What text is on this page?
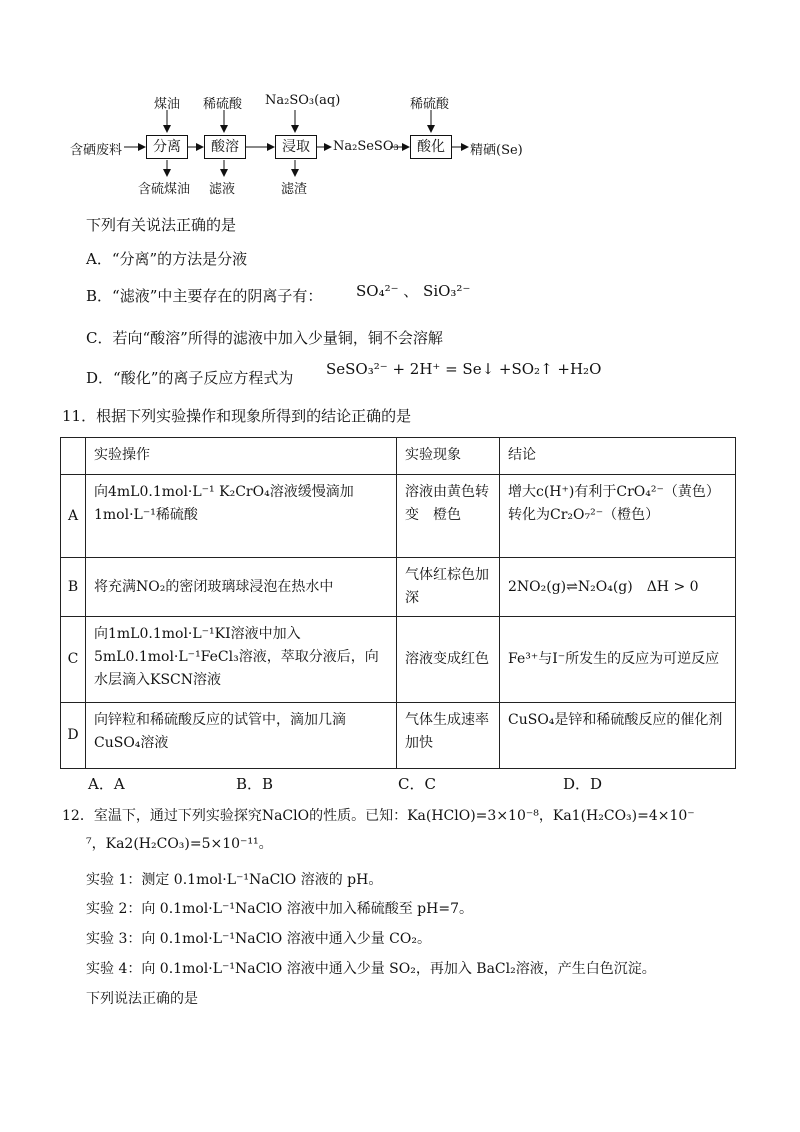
含硒废料
煤油
分离
含硫煤油
稀硫酸
酸溶
滤液
Na₂SO₃(aq)
浸取
滤渣
Na₂SeSO₃
稀硫酸
酸化	精硒(Se)
下列有关说法正确的是
A．“分离”的方法是分液
B．“滤液”中主要存在的阴离子有： SO₄²⁻ 、 SiO₃²⁻
C．若向“酸溶”所得的滤液中加入少量铜，铜不会溶解
D．“酸化”的离子反应方程式为 SeSO₃²⁻ + 2H⁺ = Se↓ +SO₂↑ +H₂O
11．根据下列实验操作和现象所得到的结论正确的是
	实验操作	实验现象	结论
A	向4mL0.1mol·L⁻¹ K₂CrO₄溶液缓慢滴加1mol·L⁻¹稀硫酸	溶液由黄色转变　橙色	增大c(H⁺)有利于CrO₄²⁻（黄色）转化为Cr₂O₇²⁻（橙色）
B	将充满NO₂的密闭玻璃球浸泡在热水中	气体红棕色加深	2NO₂(g)⇌N₂O₄(g)　ΔH > 0
C	向1mL0.1mol·L⁻¹KI溶液中加入5mL0.1mol·L⁻¹FeCl₃溶液，萃取分液后，向水层滴入KSCN溶液	溶液变成红色	Fe³⁺与I⁻所发生的反应为可逆反应
D	向锌粒和稀硫酸反应的试管中，滴加几滴CuSO₄溶液	气体生成速率加快	CuSO₄是锌和稀硫酸反应的催化剂
A．A	B．B	C．C	D．D
12．室温下，通过下列实验探究NaClO的性质。已知：Ka(HClO)=3×10⁻⁸，Ka1(H₂CO₃)=4×10⁻
⁷，Ka2(H₂CO₃)=5×10⁻¹¹。
实验 1：测定 0.1mol·L⁻¹NaClO 溶液的 pH。
实验 2：向 0.1mol·L⁻¹NaClO 溶液中加入稀硫酸至 pH=7。
实验 3：向 0.1mol·L⁻¹NaClO 溶液中通入少量 CO₂。
实验 4：向 0.1mol·L⁻¹NaClO 溶液中通入少量 SO₂，再加入 BaCl₂溶液，产生白色沉淀。
下列说法正确的是
